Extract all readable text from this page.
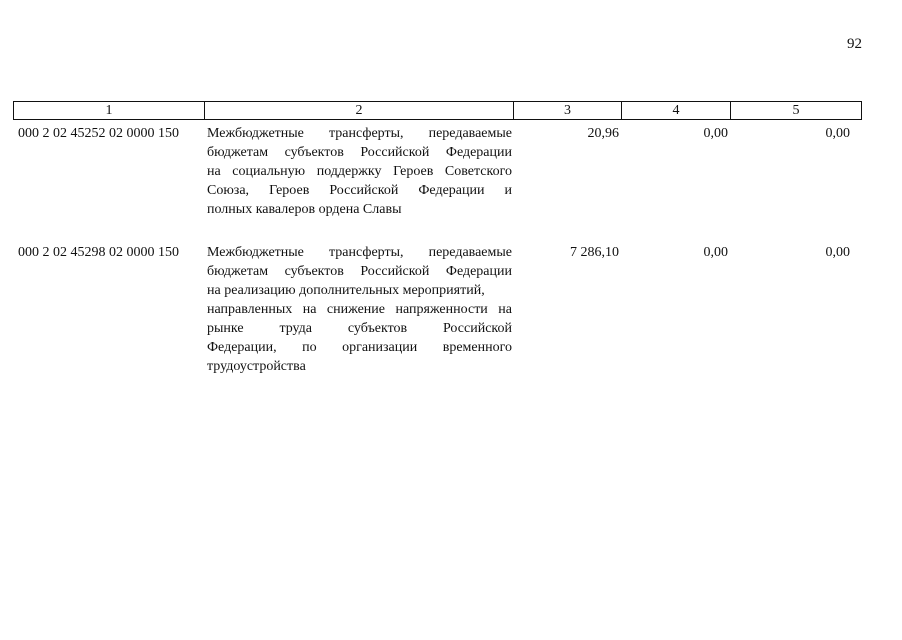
92
1	2	3	4	5
000 2 02 45252 02 0000 150	Межбюджетные трансферты, передаваемые
бюджетам субъектов Российской Федерации
на социальную поддержку Героев Советского
Союза, Героев Российской Федерации и
полных кавалеров ордена Славы
20,96	0,00	0,00
000 2 02 45298 02 0000 150	Межбюджетные трансферты, передаваемые
бюджетам субъектов Российской Федерации
на реализацию дополнительных мероприятий,
направленных на снижение напряженности на
рынке труда субъектов Российской
Федерации, по организации временного
трудоустройства
7 286,10	0,00	0,00
